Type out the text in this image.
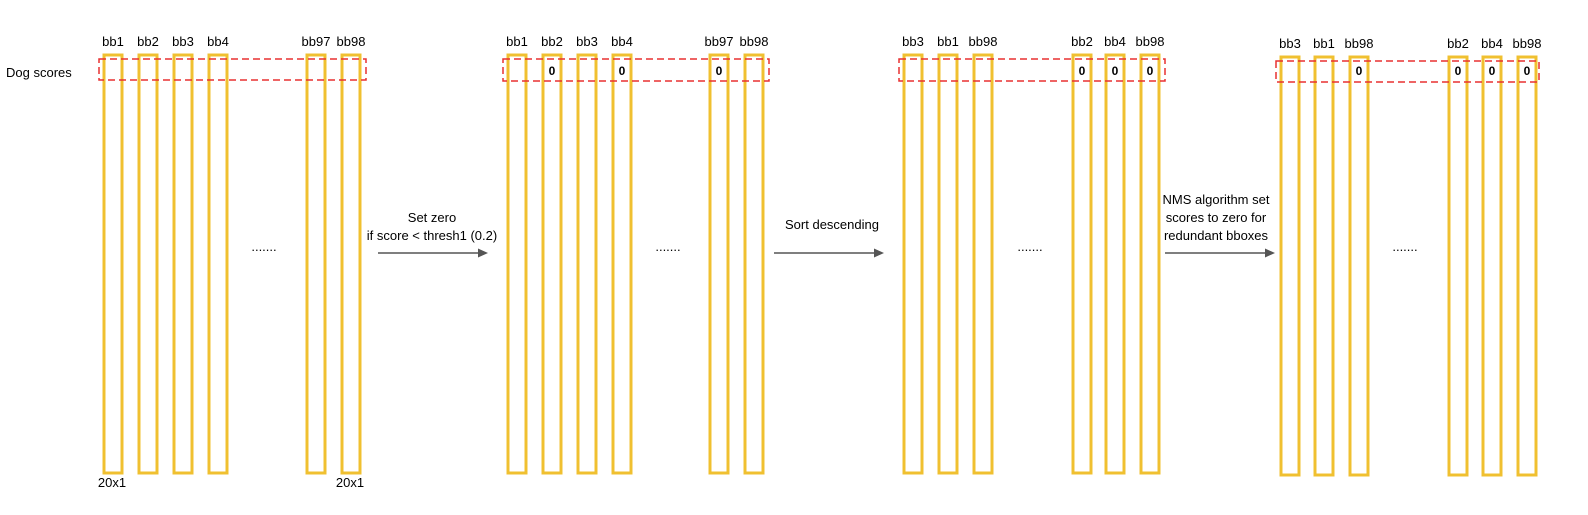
Dog scores
bb1 bb2 bb3 bb4	bb97 bb98
.......
20x1	20x1
bb1 bb2
0
bb3 bb4
0
bb97
0
bb98
.......
bb3 bb1 bb98	bb2
0
bb4
0
bb98
0
.......
bb3 bb1 bb98
0
bb2
0
bb4
0
bb98
0
.......
Set zero
if score < thresh1 (0.2)
Sort descending
NMS algorithm set
scores to zero for
redundant bboxes
